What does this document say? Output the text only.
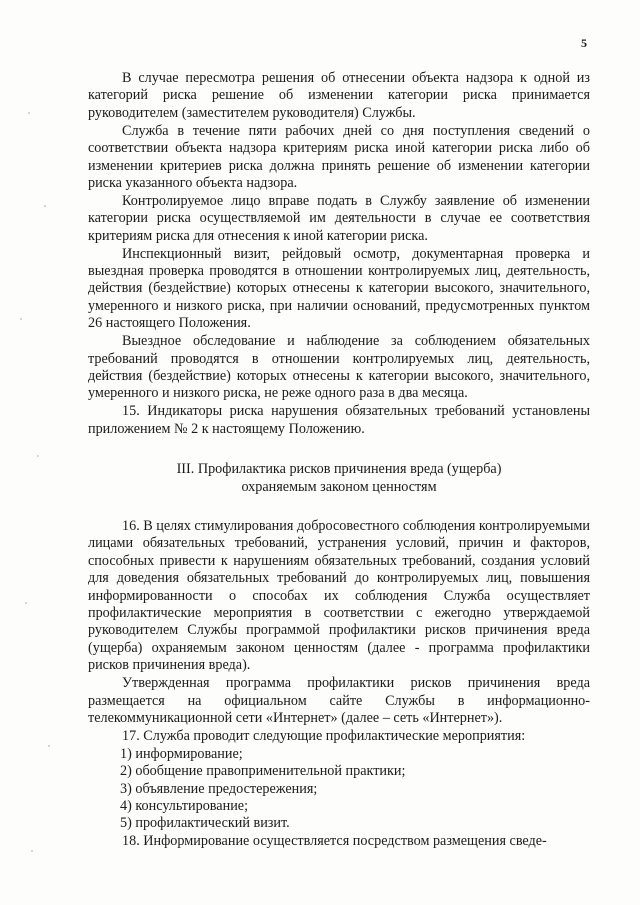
5

В случае пересмотра решения об отнесении объекта надзора к одной из категорий риска решение об изменении категории риска принимается руководителем (заместителем руководителя) Службы.

Служба в течение пяти рабочих дней со дня поступления сведений о соответствии объекта надзора критериям риска иной категории риска либо об изменении критериев риска должна принять решение об изменении категории риска указанного объекта надзора.

Контролируемое лицо вправе подать в Службу заявление об изменении категории риска осуществляемой им деятельности в случае ее соответствия критериям риска для отнесения к иной категории риска.

Инспекционный визит, рейдовый осмотр, документарная проверка и выездная проверка проводятся в отношении контролируемых лиц, деятельность, действия (бездействие) которых отнесены к категории высокого, значительного, умеренного и низкого риска, при наличии оснований, предусмотренных пунктом 26 настоящего Положения.

Выездное обследование и наблюдение за соблюдением обязательных требований проводятся в отношении контролируемых лиц, деятельность, действия (бездействие) которых отнесены к категории высокого, значительного, умеренного и низкого риска, не реже одного раза в два месяца.

15. Индикаторы риска нарушения обязательных требований установлены приложением № 2 к настоящему Положению.

III. Профилактика рисков причинения вреда (ущерба)
охраняемым законом ценностям

16. В целях стимулирования добросовестного соблюдения контролируемыми лицами обязательных требований, устранения условий, причин и факторов, способных привести к нарушениям обязательных требований, создания условий для доведения обязательных требований до контролируемых лиц, повышения информированности о способах их соблюдения Служба осуществляет профилактические мероприятия в соответствии с ежегодно утверждаемой руководителем Службы программой профилактики рисков причинения вреда (ущерба) охраняемым законом ценностям (далее - программа профилактики рисков причинения вреда).

Утвержденная программа профилактики рисков причинения вреда размещается на официальном сайте Службы в информационно-телекоммуникационной сети «Интернет» (далее – сеть «Интернет»).

17. Служба проводит следующие профилактические мероприятия:

1) информирование;
2) обобщение правоприменительной практики;
3) объявление предостережения;
4) консультирование;
5) профилактический визит.

18. Информирование осуществляется посредством размещения сведе-
